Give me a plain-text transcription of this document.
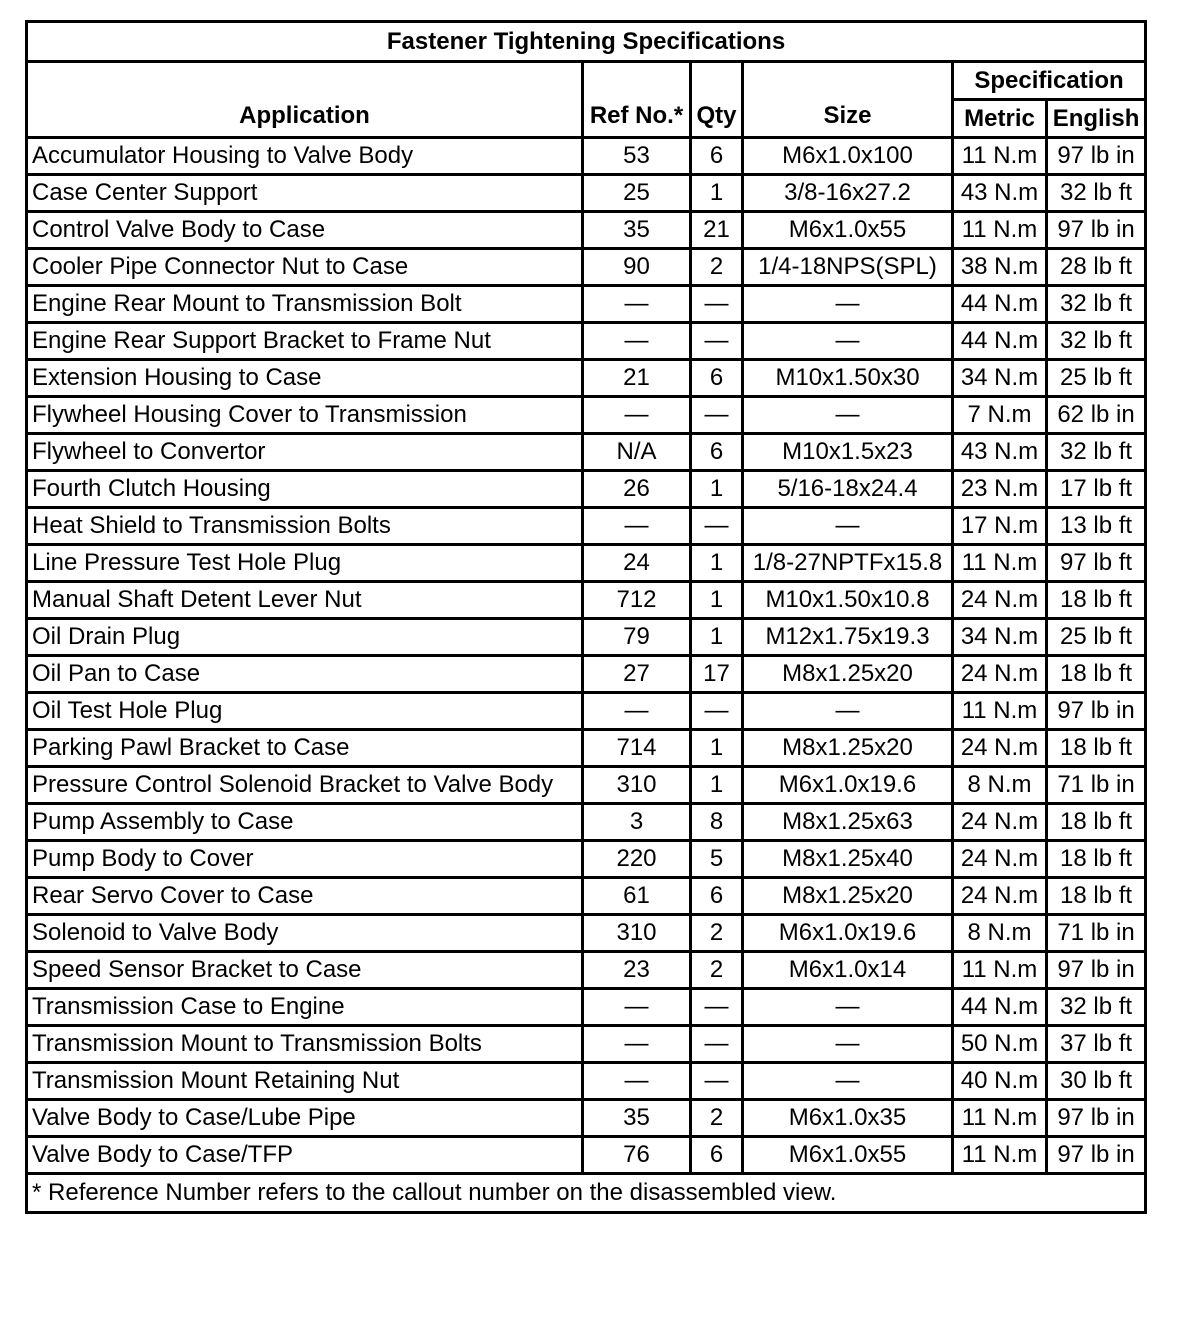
Fastener Tightening Specifications					
Application	Ref No.*	Qty	Size	Specification	
				Metric	English
Accumulator Housing to Valve Body	53	6	M6x1.0x100	11 N.m	97 lb in
Case Center Support	25	1	3/8-16x27.2	43 N.m	32 lb ft
Control Valve Body to Case	35	21	M6x1.0x55	11 N.m	97 lb in
Cooler Pipe Connector Nut to Case	90	2	1/4-18NPS(SPL)	38 N.m	28 lb ft
Engine Rear Mount to Transmission Bolt	—	—	—	44 N.m	32 lb ft
Engine Rear Support Bracket to Frame Nut	—	—	—	44 N.m	32 lb ft
Extension Housing to Case	21	6	M10x1.50x30	34 N.m	25 lb ft
Flywheel Housing Cover to Transmission	—	—	—	7 N.m	62 lb in
Flywheel to Convertor	N/A	6	M10x1.5x23	43 N.m	32 lb ft
Fourth Clutch Housing	26	1	5/16-18x24.4	23 N.m	17 lb ft
Heat Shield to Transmission Bolts	—	—	—	17 N.m	13 lb ft
Line Pressure Test Hole Plug	24	1	1/8-27NPTFx15.8	11 N.m	97 lb ft
Manual Shaft Detent Lever Nut	712	1	M10x1.50x10.8	24 N.m	18 lb ft
Oil Drain Plug	79	1	M12x1.75x19.3	34 N.m	25 lb ft
Oil Pan to Case	27	17	M8x1.25x20	24 N.m	18 lb ft
Oil Test Hole Plug	—	—	—	11 N.m	97 lb in
Parking Pawl Bracket to Case	714	1	M8x1.25x20	24 N.m	18 lb ft
Pressure Control Solenoid Bracket to Valve Body	310	1	M6x1.0x19.6	8 N.m	71 lb in
Pump Assembly to Case	3	8	M8x1.25x63	24 N.m	18 lb ft
Pump Body to Cover	220	5	M8x1.25x40	24 N.m	18 lb ft
Rear Servo Cover to Case	61	6	M8x1.25x20	24 N.m	18 lb ft
Solenoid to Valve Body	310	2	M6x1.0x19.6	8 N.m	71 lb in
Speed Sensor Bracket to Case	23	2	M6x1.0x14	11 N.m	97 lb in
Transmission Case to Engine	—	—	—	44 N.m	32 lb ft
Transmission Mount to Transmission Bolts	—	—	—	50 N.m	37 lb ft
Transmission Mount Retaining Nut	—	—	—	40 N.m	30 lb ft
Valve Body to Case/Lube Pipe	35	2	M6x1.0x35	11 N.m	97 lb in
Valve Body to Case/TFP	76	6	M6x1.0x55	11 N.m	97 lb in
* Reference Number refers to the callout number on the disassembled view.					
